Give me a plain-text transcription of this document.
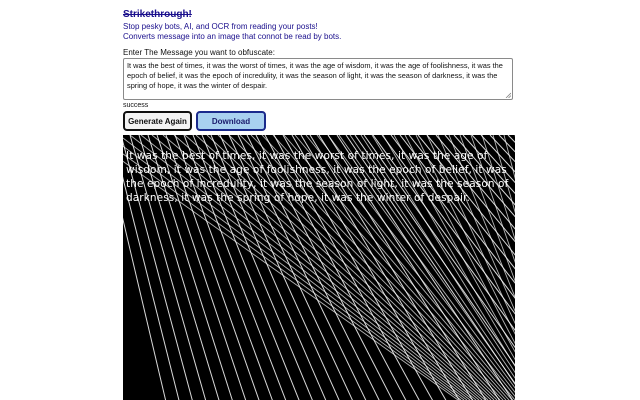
Strikethrough!
Stop pesky bots, AI, and OCR from reading your posts!
Converts message into an image that connot be read by bots.
Enter The Message you want to obfuscate:
It was the best of times, it was the worst of times, it was the age of wisdom, it was the age of foolishness, it was the epoch of belief, it was the epoch of incredulity, it was the season of light, it was the season of darkness, it was the spring of hope, it was the winter of despair.
success
Generate Again	Download
It was the best of times, it was the worst of times, it was the age of wisdom, it was the age of foolishness, it was the epoch of belief, it was the epoch of incredulity, it was the season of light, it was the season of darkness, it was the spring of hope, it was the winter of despair.
